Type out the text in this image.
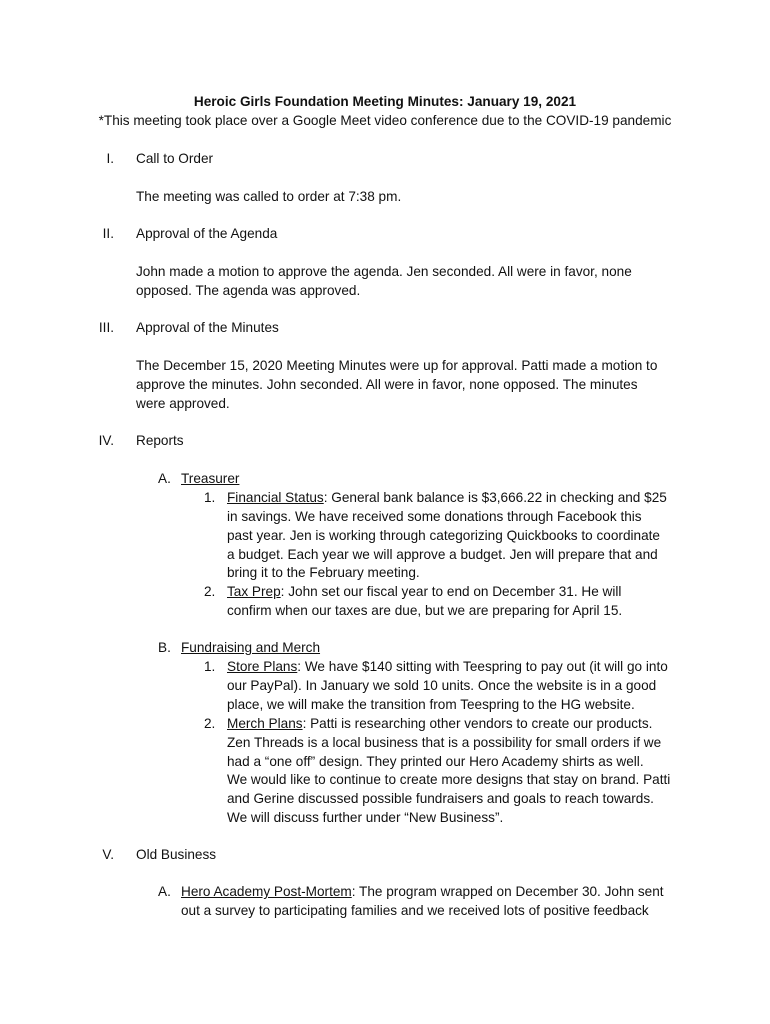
Heroic Girls Foundation Meeting Minutes: January 19, 2021
*This meeting took place over a Google Meet video conference due to the COVID-19 pandemic
I. Call to Order
The meeting was called to order at 7:38 pm.
II. Approval of the Agenda
John made a motion to approve the agenda. Jen seconded. All were in favor, none
opposed. The agenda was approved.
III. Approval of the Minutes
The December 15, 2020 Meeting Minutes were up for approval. Patti made a motion to
approve the minutes. John seconded. All were in favor, none opposed. The minutes
were approved.
IV. Reports
A. Treasurer
1. Financial Status: General bank balance is $3,666.22 in checking and $25
in savings. We have received some donations through Facebook this
past year. Jen is working through categorizing Quickbooks to coordinate
a budget. Each year we will approve a budget. Jen will prepare that and
bring it to the February meeting.
2. Tax Prep: John set our fiscal year to end on December 31. He will
confirm when our taxes are due, but we are preparing for April 15.
B. Fundraising and Merch
1. Store Plans: We have $140 sitting with Teespring to pay out (it will go into
our PayPal). In January we sold 10 units. Once the website is in a good
place, we will make the transition from Teespring to the HG website.
2. Merch Plans: Patti is researching other vendors to create our products.
Zen Threads is a local business that is a possibility for small orders if we
had a “one off” design. They printed our Hero Academy shirts as well.
We would like to continue to create more designs that stay on brand. Patti
and Gerine discussed possible fundraisers and goals to reach towards.
We will discuss further under “New Business”.
V. Old Business
A. Hero Academy Post-Mortem: The program wrapped on December 30. John sent
out a survey to participating families and we received lots of positive feedback
